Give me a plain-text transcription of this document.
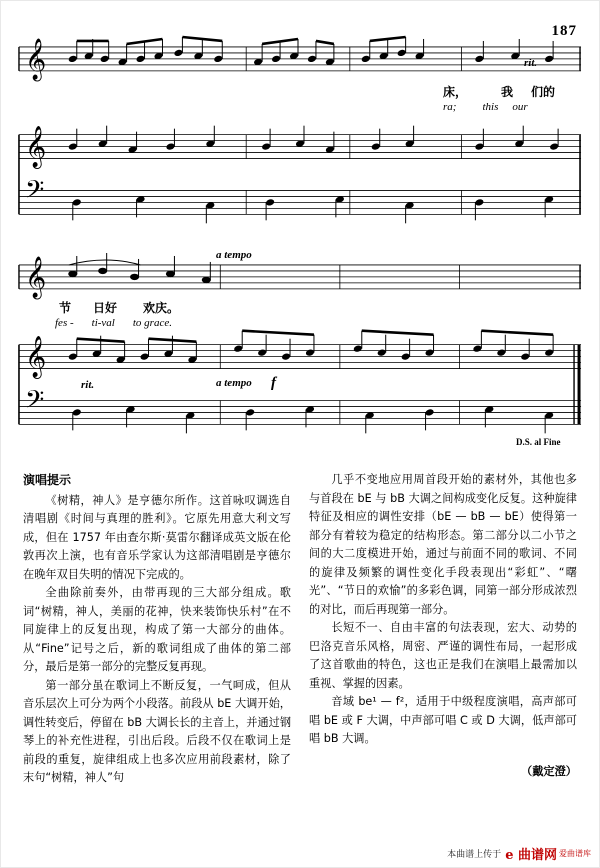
187
𝄞
𝄞
𝄢
rit.
床，	我 们的
ra; this our
𝄞
𝄞
𝄢
a tempo
rit.	a tempo f
D.S. al Fine
节 日好 欢庆。
fes - ti-val to grace.

演唱提示

《树精，神人》是亨德尔所作。这首咏叹调选自清唱剧《时间与真理的胜利》。它原先用意大利文写成，但在 1757 年由查尔斯·莫雷尔翻译成英文版在伦敦再次上演，也有音乐学家认为这部清唱剧是亨德尔在晚年双目失明的情况下完成的。

全曲除前奏外，由带再现的三大部分组成。歌词“树精，神人，美丽的花神，快来装饰快乐村”在不同旋律上的反复出现，构成了第一大部分的曲体。从“Fine”记号之后，新的歌词组成了曲体的第二部分，最后是第一部分的完整反复再现。

第一部分虽在歌词上不断反复，一气呵成，但从音乐层次上可分为两个小段落。前段从 bE 大调开始，调性转变后，停留在 bB 大调长长的主音上，并通过钢琴上的补充性进程，引出后段。后段不仅在歌词上是前段的重复，旋律组成上也多次应用前段素材，除了末句“树精，神人”句

几乎不变地应用周首段开始的素材外，其他也多与首段在 bE 与 bB 大调之间构成变化反复。这种旋律特征及相应的调性安排（bE — bB — bE）使得第一部分有着较为稳定的结构形态。第二部分以二小节之间的大二度模进开始，通过与前面不同的歌词、不同的旋律及频繁的调性变化手段表现出“彩虹”、“曙光”、“节日的欢愉”的多彩色调，同第一部分形成浓烈的对比，而后再现第一部分。

长短不一、自由丰富的句法表现，宏大、动势的巴洛克音乐风格，周密、严谨的调性布局，一起形成了这首歌曲的特色，这也正是我们在演唱上最需加以重视、掌握的因素。

音域 be¹ — f²，适用于中级程度演唱，高声部可唱 bE 或 F 大调，中声部可唱 C 或 D 大调，低声部可唱 bB 大调。

（戴定澄）

本曲谱上传于 e 曲谱网 爱曲谱库
